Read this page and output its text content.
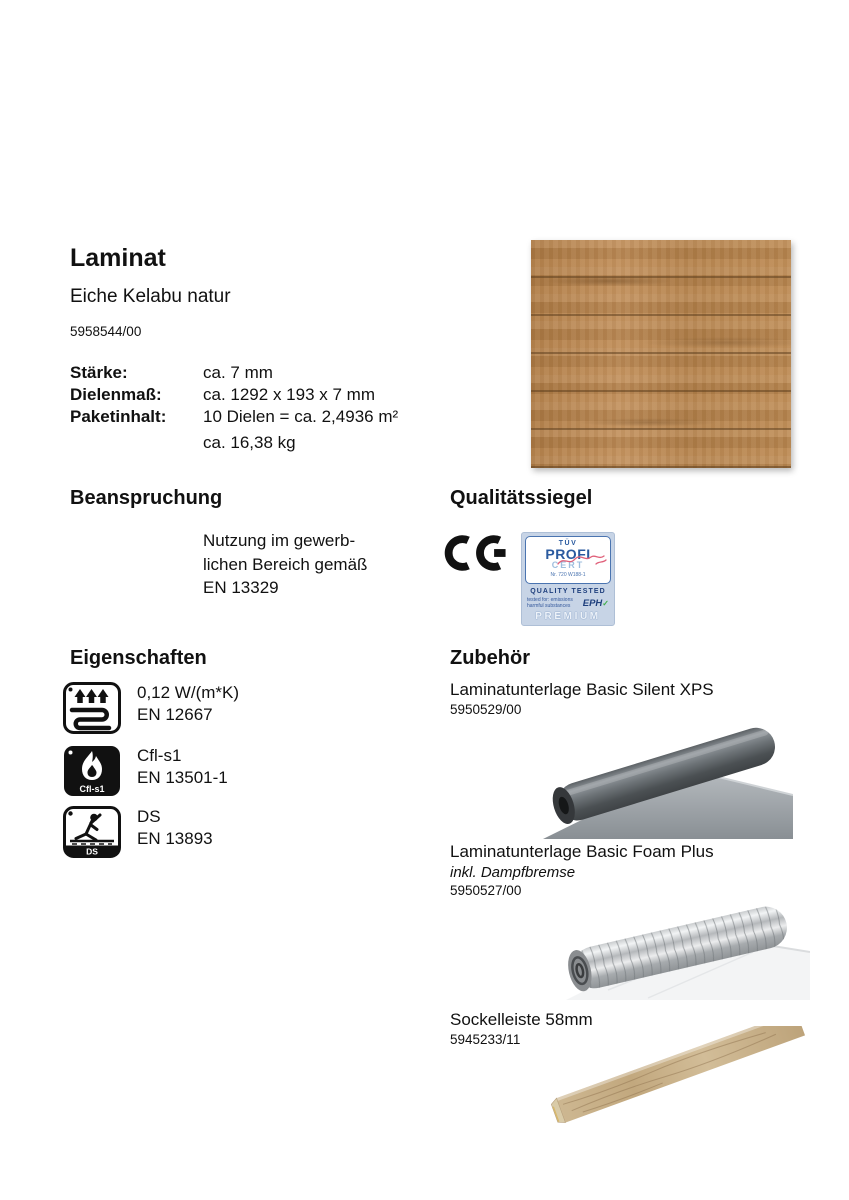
Laminat
Eiche Kelabu natur
5958544/00
Stärke:	ca. 7 mm
Dielenmaß:	ca. 1292 x 193 x 7 mm
Paketinhalt:	10 Dielen = ca. 2,4936 m²
ca. 16,38 kg
Beanspruchung
Nutzung im gewerb-
lichen Bereich gemäß
EN 13329
Qualitätssiegel
TÜV
PROFI
CERT
Nr. 720 W188-1
QUALITY TESTED
tested for: emissions
harmful substances EPH✓
PREMIUM
Eigenschaften
0,12 W/(m*K)
EN 12667
Cfl-s1
Cfl-s1
EN 13501-1
DS
DS
EN 13893
Zubehör
Laminatunterlage Basic Silent XPS
5950529/00
Laminatunterlage Basic Foam Plus
inkl. Dampfbremse
5950527/00
Sockelleiste 58mm
5945233/11
